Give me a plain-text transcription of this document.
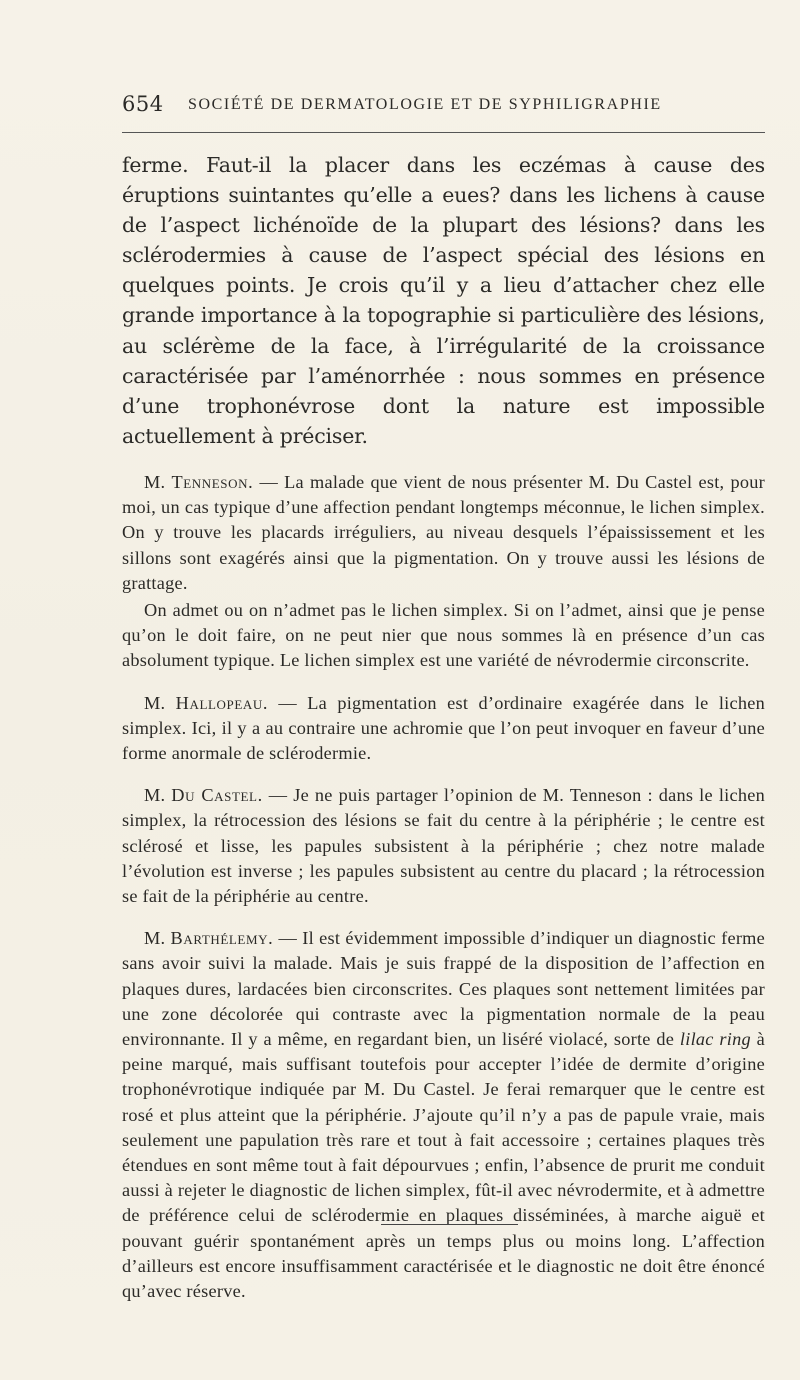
654 SOCIÉTÉ DE DERMATOLOGIE ET DE SYPHILIGRAPHIE

ferme. Faut-il la placer dans les eczémas à cause des éruptions suintantes qu’elle a eues? dans les lichens à cause de l’aspect lichénoïde de la plupart des lésions? dans les sclérodermies à cause de l’aspect spécial des lésions en quelques points. Je crois qu’il y a lieu d’attacher chez elle grande importance à la topographie si particulière des lésions, au sclérème de la face, à l’irrégularité de la croissance caractérisée par l’aménorrhée : nous sommes en présence d’une trophonévrose dont la nature est impossible actuellement à préciser.

M. Tenneson. — La malade que vient de nous présenter M. Du Castel est, pour moi, un cas typique d’une affection pendant longtemps méconnue, le lichen simplex. On y trouve les placards irréguliers, au niveau desquels l’épaississement et les sillons sont exagérés ainsi que la pigmentation. On y trouve aussi les lésions de grattage.

On admet ou on n’admet pas le lichen simplex. Si on l’admet, ainsi que je pense qu’on le doit faire, on ne peut nier que nous sommes là en présence d’un cas absolument typique. Le lichen simplex est une variété de névrodermie circonscrite.

M. Hallopeau. — La pigmentation est d’ordinaire exagérée dans le lichen simplex. Ici, il y a au contraire une achromie que l’on peut invoquer en faveur d’une forme anormale de sclérodermie.

M. Du Castel. — Je ne puis partager l’opinion de M. Tenneson : dans le lichen simplex, la rétrocession des lésions se fait du centre à la périphérie ; le centre est sclérosé et lisse, les papules subsistent à la périphérie ; chez notre malade l’évolution est inverse ; les papules subsistent au centre du placard ; la rétrocession se fait de la périphérie au centre.

M. Barthélemy. — Il est évidemment impossible d’indiquer un diagnostic ferme sans avoir suivi la malade. Mais je suis frappé de la disposition de l’affection en plaques dures, lardacées bien circonscrites. Ces plaques sont nettement limitées par une zone décolorée qui contraste avec la pigmentation normale de la peau environnante. Il y a même, en regardant bien, un liséré violacé, sorte de lilac ring à peine marqué, mais suffisant toutefois pour accepter l’idée de dermite d’origine trophonévrotique indiquée par M. Du Castel. Je ferai remarquer que le centre est rosé et plus atteint que la périphérie. J’ajoute qu’il n’y a pas de papule vraie, mais seulement une papulation très rare et tout à fait accessoire ; certaines plaques très étendues en sont même tout à fait dépourvues ; enfin, l’absence de prurit me conduit aussi à rejeter le diagnostic de lichen simplex, fût-il avec névrodermite, et à admettre de préférence celui de sclérodermie en plaques disséminées, à marche aiguë et pouvant guérir spontanément après un temps plus ou moins long. L’affection d’ailleurs est encore insuffisamment caractérisée et le diagnostic ne doit être énoncé qu’avec réserve.
